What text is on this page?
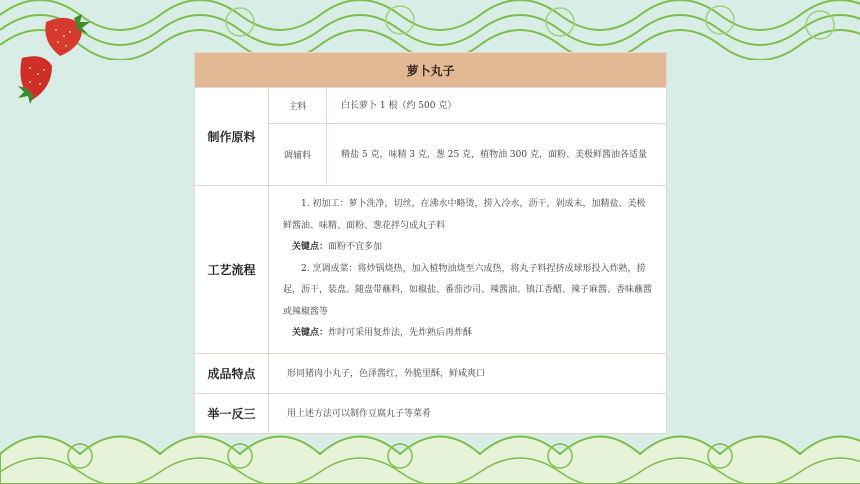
萝卜丸子		
制作原料	主料	白长萝卜 1 根（约 500 克）
	调辅料	精盐 5 克，味精 3 克，葱 25 克，植物油 300 克，面粉、美极鲜酱油各适量
工艺流程	1. 初加工：萝卜洗净，切丝，在沸水中略烫，捞入冷水，沥干，剁成末，加精盐、美极鲜酱油、味精、面粉、葱花拌匀成丸子料

关键点：面粉不宜多加

2. 烹调成菜：将炒锅烧热，加入植物油烧至六成热，将丸子料捏挤成球形投入炸熟，捞起，沥干，装盘。随盘带蘸料，如椒盐、番茄沙司、辣酱油、镇江香醋、辣子麻酱、香味蘸酱或辣椒酱等

关键点：炸时可采用复炸法，先炸熟后再炸酥	

成品特点	形同猪肉小丸子，色泽酱红，外脆里酥，鲜咸爽口	
举一反三	用上述方法可以制作豆腐丸子等菜肴	
